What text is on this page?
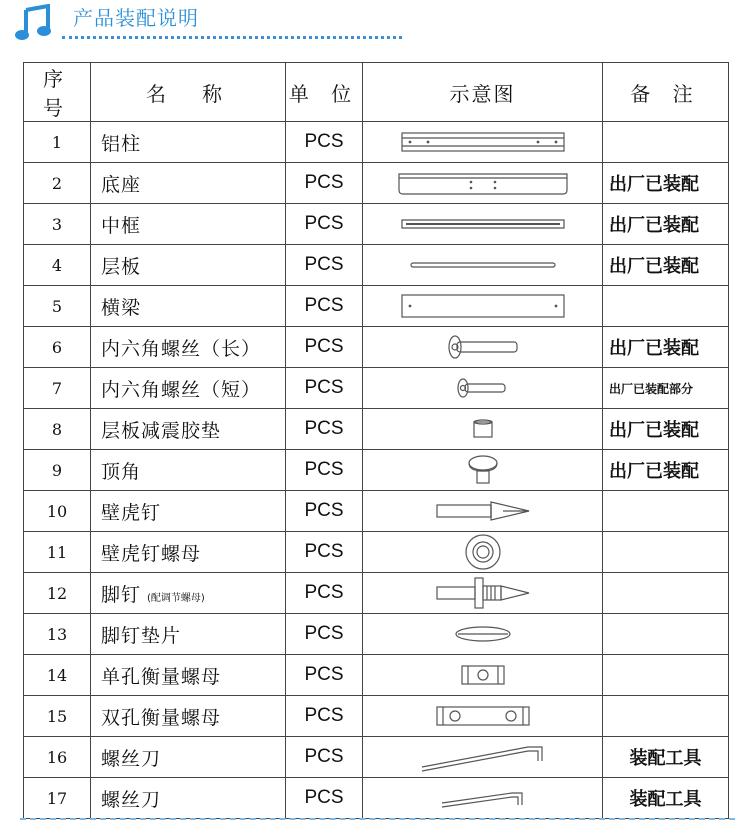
产品装配说明
序 号	名　称	单 位	示意图	备 注
1	铝柱	PCS	

2	底座	PCS		出厂已装配
3	中框	PCS		出厂已装配
4	层板	PCS		出厂已装配
5	横梁	PCS	

6	内六角螺丝（长）	PCS		出厂已装配
7	内六角螺丝（短）	PCS		出厂已装配部分
8	层板减震胶垫	PCS		出厂已装配
9	顶角	PCS		出厂已装配
10	壁虎钉	PCS	

11	壁虎钉螺母	PCS	

12	脚钉 (配调节螺母)	PCS	

13	脚钉垫片	PCS	

14	单孔衡量螺母	PCS	

15	双孔衡量螺母	PCS	

16	螺丝刀	PCS		装配工具
17	螺丝刀	PCS		装配工具
